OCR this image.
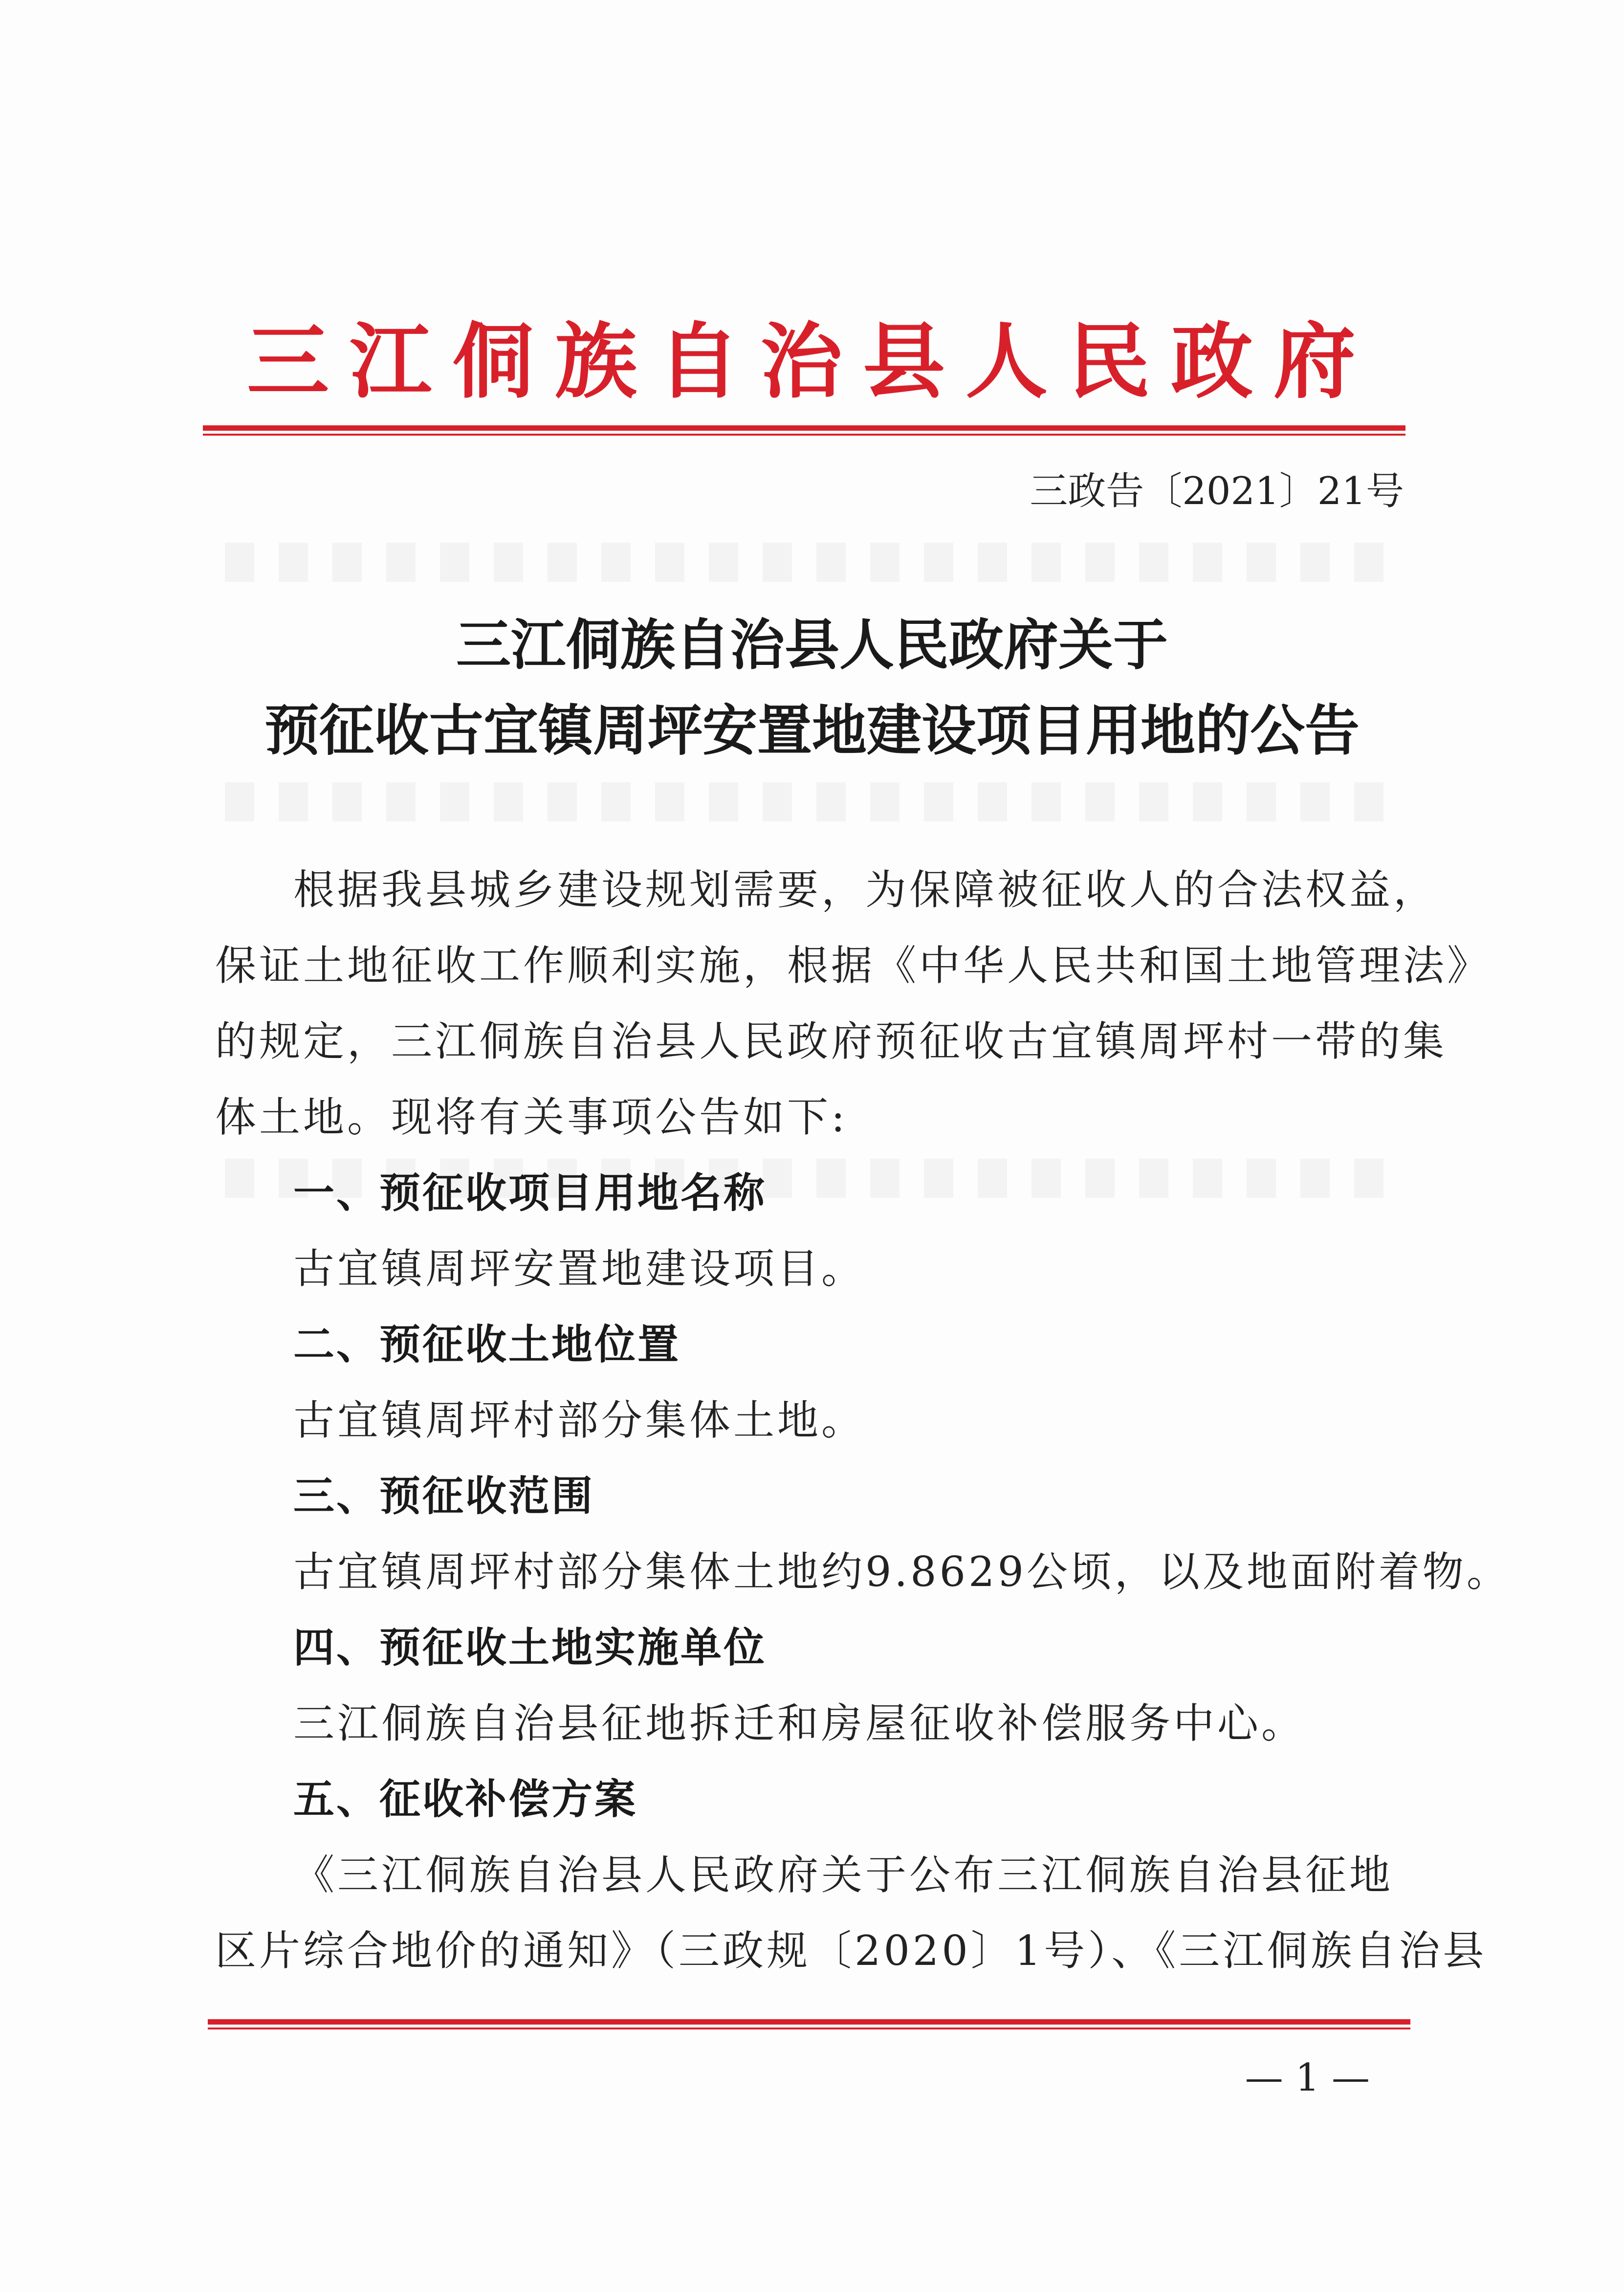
三江侗族自治县人民政府
三政告〔2021〕21号
三江侗族自治县人民政府关于
预征收古宜镇周坪安置地建设项目用地的公告
根据我县城乡建设规划需要，为保障被征收人的合法权益，
保证土地征收工作顺利实施，根据《中华人民共和国土地管理法》
的规定，三江侗族自治县人民政府预征收古宜镇周坪村一带的集
体土地。现将有关事项公告如下:
一、预征收项目用地名称
古宜镇周坪安置地建设项目。
二、预征收土地位置
古宜镇周坪村部分集体土地。
三、预征收范围
古宜镇周坪村部分集体土地约9.8629公顷，以及地面附着物。
四、预征收土地实施单位
三江侗族自治县征地拆迁和房屋征收补偿服务中心。
五、征收补偿方案
《三江侗族自治县人民政府关于公布三江侗族自治县征地
区片综合地价的通知》（三政规〔2020〕1号）、《三江侗族自治县
— 1 —
